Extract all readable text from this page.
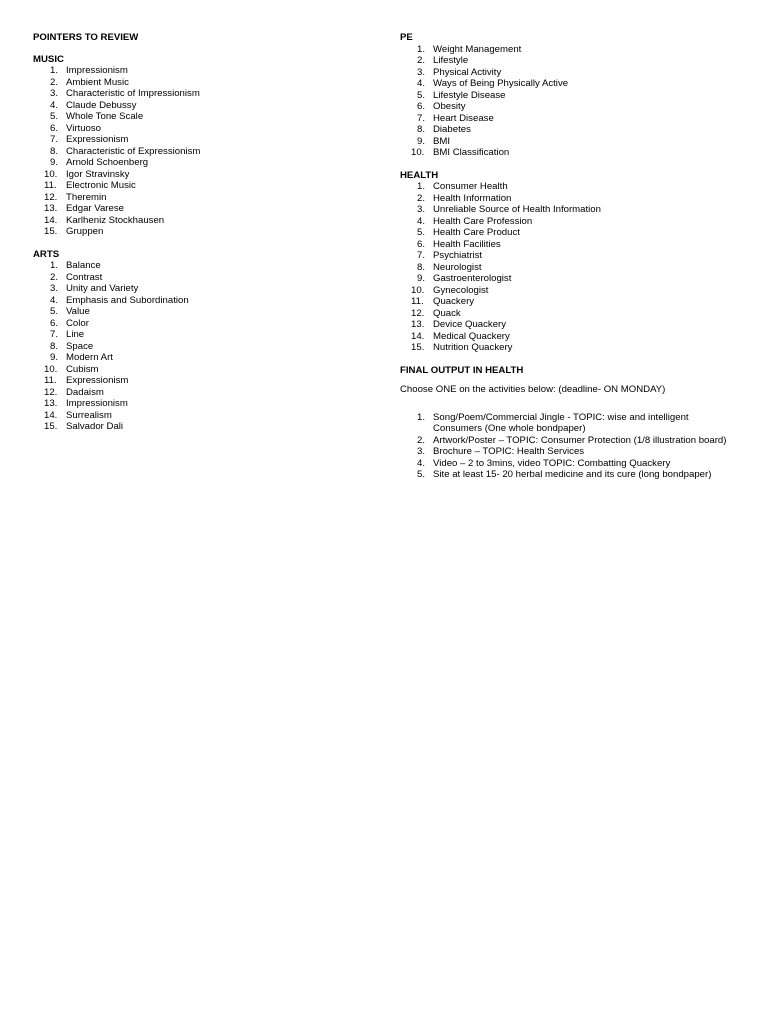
POINTERS TO REVIEW

MUSIC

1. Impressionism
2. Ambient Music
3. Characteristic of Impressionism
4. Claude Debussy
5. Whole Tone Scale
6. Virtuoso
7. Expressionism
8. Characteristic of Expressionism
9. Arnold Schoenberg
10. Igor Stravinsky
11. Electronic Music
12. Theremin
13. Edgar Varese
14. Karlheniz Stockhausen
15. Gruppen

ARTS

1. Balance
2. Contrast
3. Unity and Variety
4. Emphasis and Subordination
5. Value
6. Color
7. Line
8. Space
9. Modern Art
10. Cubism
11. Expressionism
12. Dadaism
13. Impressionism
14. Surrealism
15. Salvador Dali

PE

1. Weight Management
2. Lifestyle
3. Physical Activity
4. Ways of Being Physically Active
5. Lifestyle Disease
6. Obesity
7. Heart Disease
8. Diabetes
9. BMI
10. BMI Classification

HEALTH

1. Consumer Health
2. Health Information
3. Unreliable Source of Health Information
4. Health Care Profession
5. Health Care Product
6. Health Facilities
7. Psychiatrist
8. Neurologist
9. Gastroenterologist
10. Gynecologist
11. Quackery
12. Quack
13. Device Quackery
14. Medical Quackery
15. Nutrition Quackery

FINAL OUTPUT IN HEALTH

Choose ONE on the activities below: (deadline- ON MONDAY)

1. Song/Poem/Commercial Jingle - TOPIC: wise and intelligent Consumers (One whole bondpaper)
2. Artwork/Poster – TOPIC: Consumer Protection (1/8 illustration board)
3. Brochure – TOPIC: Health Services
4. Video – 2 to 3mins, video TOPIC: Combatting Quackery
5. Site at least 15- 20 herbal medicine and its cure (long bondpaper)
